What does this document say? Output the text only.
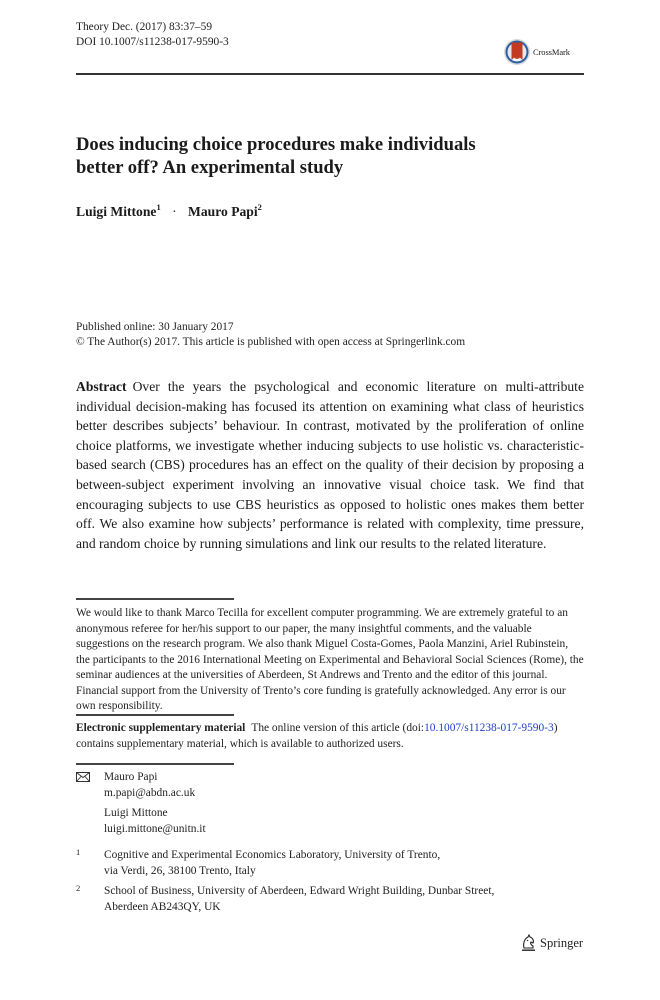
Theory Dec. (2017) 83:37–59
DOI 10.1007/s11238-017-9590-3
CrossMark
Does inducing choice procedures make individuals
better off? An experimental study
Luigi Mittone$^1$ · Mauro Papi$^2$
Published online: 30 January 2017
© The Author(s) 2017. This article is published with open access at Springerlink.com
Abstract Over the years the psychological and economic literature on multi-attribute individual decision-making has focused its attention on examining what class of heuristics better describes subjects’ behaviour. In contrast, motivated by the proliferation of online choice platforms, we investigate whether inducing subjects to use holistic vs. characteristic-based search (CBS) procedures has an effect on the quality of their decision by proposing a between-subject experiment involving an innovative visual choice task. We find that encouraging subjects to use CBS heuristics as opposed to holistic ones makes them better off. We also examine how subjects’ performance is related with complexity, time pressure, and random choice by running simulations and link our results to the related literature.
We would like to thank Marco Tecilla for excellent computer programming. We are extremely grateful to an anonymous referee for her/his support to our paper, the many insightful comments, and the valuable suggestions on the research program. We also thank Miguel Costa-Gomes, Paola Manzini, Ariel Rubinstein, the participants to the 2016 International Meeting on Experimental and Behavioral Social Sciences (Rome), the seminar audiences at the universities of Aberdeen, St Andrews and Trento and the editor of this journal. Financial support from the University of Trento’s core funding is gratefully acknowledged. Any error is our own responsibility.
Electronic supplementary material The online version of this article (doi:10.1007/s11238-017-9590-3) contains supplementary material, which is available to authorized users.
Mauro Papi
m.papi@abdn.ac.uk
Luigi Mittone
luigi.mittone@unitn.it
1 Cognitive and Experimental Economics Laboratory, University of Trento,
via Verdi, 26, 38100 Trento, Italy
2 School of Business, University of Aberdeen, Edward Wright Building, Dunbar Street,
Aberdeen AB243QY, UK
Springer
